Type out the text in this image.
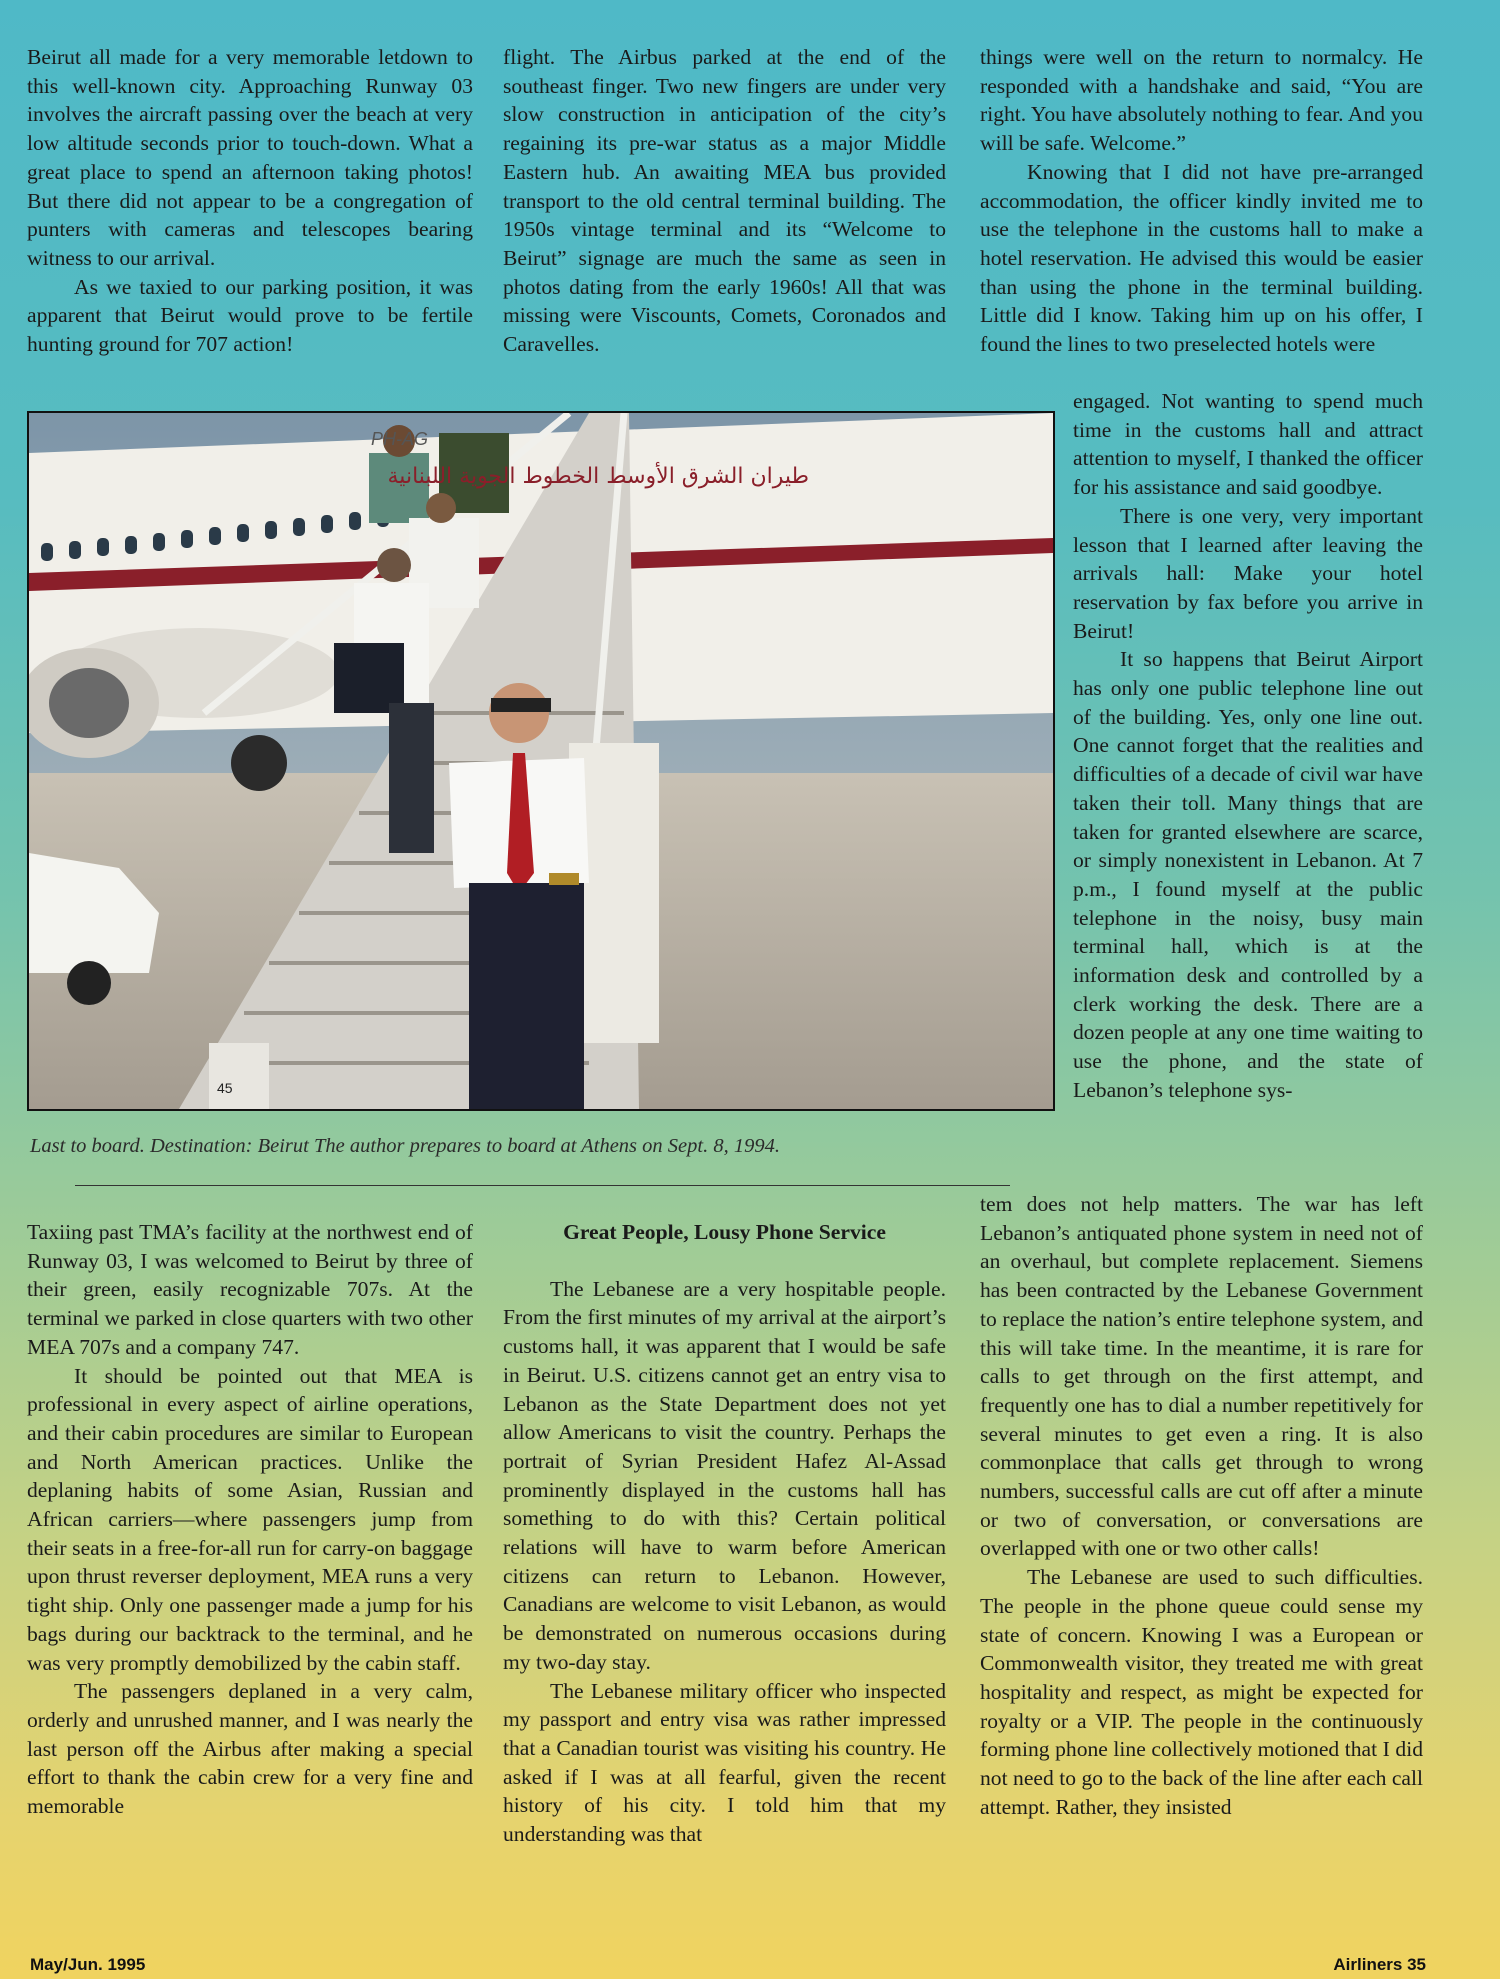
Beirut all made for a very memorable letdown to this well-known city. Approaching Runway 03 involves the aircraft passing over the beach at very low altitude seconds prior to touch-down. What a great place to spend an afternoon taking photos! But there did not appear to be a congregation of punters with cameras and telescopes bearing witness to our arrival.

As we taxied to our parking position, it was apparent that Beirut would prove to be fertile hunting ground for 707 action!

flight. The Airbus parked at the end of the southeast finger. Two new fingers are under very slow construction in anticipation of the city’s regaining its pre-war status as a major Middle Eastern hub. An awaiting MEA bus provided transport to the old central terminal building. The 1950s vintage terminal and its “Welcome to Beirut” signage are much the same as seen in photos dating from the early 1960s! All that was missing were Viscounts, Comets, Coronados and Caravelles.

things were well on the return to normalcy. He responded with a handshake and said, “You are right. You have absolutely nothing to fear. And you will be safe. Welcome.”

Knowing that I did not have pre-arranged accommodation, the officer kindly invited me to use the telephone in the customs hall to make a hotel reservation. He advised this would be easier than using the phone in the terminal building. Little did I know. Taking him up on his offer, I found the lines to two preselected hotels were

engaged. Not wanting to spend much time in the customs hall and attract attention to myself, I thanked the officer for his assistance and said goodbye.

There is one very, very important lesson that I learned after leaving the arrivals hall: Make your hotel reservation by fax before you arrive in Beirut!

It so happens that Beirut Airport has only one public telephone line out of the building. Yes, only one line out. One cannot forget that the realities and difficulties of a decade of civil war have taken their toll. Many things that are taken for granted elsewhere are scarce, or simply nonexistent in Lebanon. At 7 p.m., I found myself at the public telephone in the noisy, busy main terminal hall, which is at the information desk and controlled by a clerk working the desk. There are a dozen people at any one time waiting to use the phone, and the state of Lebanon’s telephone sys-

45
PH-AG
طيران الشرق الأوسط الخطوط الجوية اللبنانية
Last to board. Destination: Beirut The author prepares to board at Athens on Sept. 8, 1994.

Taxiing past TMA’s facility at the northwest end of Runway 03, I was welcomed to Beirut by three of their green, easily recognizable 707s. At the terminal we parked in close quarters with two other MEA 707s and a company 747.

It should be pointed out that MEA is professional in every aspect of airline operations, and their cabin procedures are similar to European and North American practices. Unlike the deplaning habits of some Asian, Russian and African carriers—where passengers jump from their seats in a free-for-all run for carry-on baggage upon thrust reverser deployment, MEA runs a very tight ship. Only one passenger made a jump for his bags during our backtrack to the terminal, and he was very promptly demobilized by the cabin staff.

The passengers deplaned in a very calm, orderly and unrushed manner, and I was nearly the last person off the Airbus after making a special effort to thank the cabin crew for a very fine and memorable

Great People, Lousy Phone Service

The Lebanese are a very hospitable people. From the first minutes of my arrival at the airport’s customs hall, it was apparent that I would be safe in Beirut. U.S. citizens cannot get an entry visa to Lebanon as the State Department does not yet allow Americans to visit the country. Perhaps the portrait of Syrian President Hafez Al-Assad prominently displayed in the customs hall has something to do with this? Certain political relations will have to warm before American citizens can return to Lebanon. However, Canadians are welcome to visit Lebanon, as would be demonstrated on numerous occasions during my two-day stay.

The Lebanese military officer who inspected my passport and entry visa was rather impressed that a Canadian tourist was visiting his country. He asked if I was at all fearful, given the recent history of his city. I told him that my understanding was that

tem does not help matters. The war has left Lebanon’s antiquated phone system in need not of an overhaul, but complete replacement. Siemens has been contracted by the Lebanese Government to replace the nation’s entire telephone system, and this will take time. In the meantime, it is rare for calls to get through on the first attempt, and frequently one has to dial a number repetitively for several minutes to get even a ring. It is also commonplace that calls get through to wrong numbers, successful calls are cut off after a minute or two of conversation, or conversations are overlapped with one or two other calls!

The Lebanese are used to such difficulties. The people in the phone queue could sense my state of concern. Knowing I was a European or Commonwealth visitor, they treated me with great hospitality and respect, as might be expected for royalty or a VIP. The people in the continuously forming phone line collectively motioned that I did not need to go to the back of the line after each call attempt. Rather, they insisted

May/Jun. 1995	Airliners 35
